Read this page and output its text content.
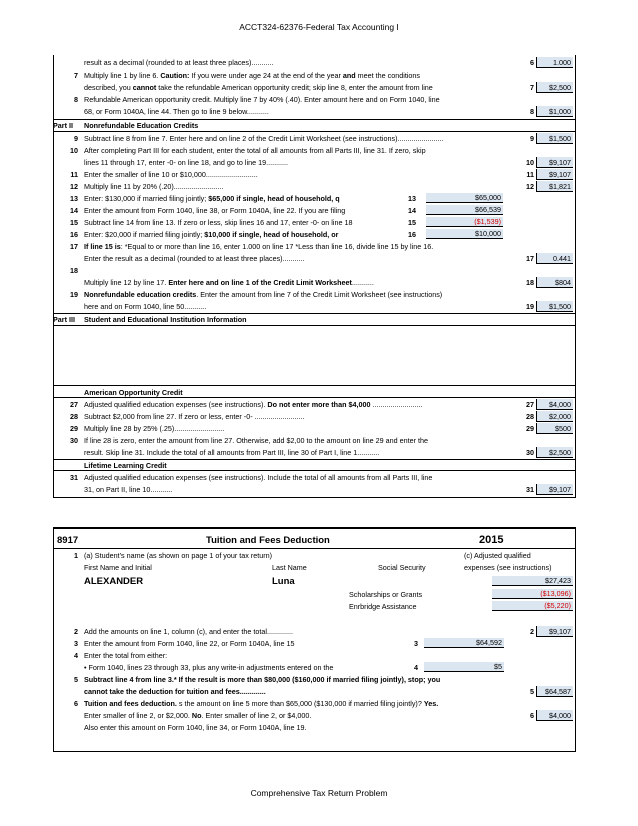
ACCT324-62376-Federal Tax Accounting I
result as a decimal (rounded to at least three places)...........	6	1.000
7 Multiply line 1 by line 6. Caution: If you were under age 24 at the end of the year and meet the conditions
described, you cannot take the refundable American opportunity credit; skip line 8, enter the amount from line	7	$2,500
8 Refundable American opportunity credit. Multiply line 7 by 40% (.40). Enter amount here and on Form 1040, line
68, or Form 1040A, line 44. Then go to line 9 below...........	8	$1,000
Part II Nonrefundable Education Credits
9 Subtract line 8 from line 7. Enter here and on line 2 of the Credit Limit Worksheet (see instructions).......................	9	$1,500
10 After completing Part III for each student, enter the total of all amounts from all Parts III, line 31. If zero, skip
lines 11 through 17, enter -0- on line 18, and go to line 19...........	10	$9,107
11 Enter the smaller of line 10 or $10,000..........................	11	$9,107
12 Multiply line 11 by 20% (.20).........................	12	$1,821
13 Enter: $130,000 if married filing jointly; $65,000 if single, head of household, q	13	$65,000
14 Enter the amount from Form 1040, line 38, or Form 1040A, line 22. If you are filing	14	$66,539
15 Subtract line 14 from line 13. If zero or less, skip lines 16 and 17, enter -0- on line 18	15	($1,539)
16 Enter: $20,000 if married filing jointly; $10,000 if single, head of household, or	16	$10,000
17 If line 15 is: *Equal to or more than line 16, enter 1.000 on line 17 *Less than line 16, divide line 15 by line 16.
Enter the result as a decimal (rounded to at least three places)...........	17	0.441
18
Multiply line 12 by line 17. Enter here and on line 1 of the Credit Limit Worksheet...........	18	$804
19 Nonrefundable education credits. Enter the amount from line 7 of the Credit Limit Worksheet (see instructions)
here and on Form 1040, line 50...........	19	$1,500
Part III Student and Educational Institution Information
American Opportunity Credit
27 Adjusted qualified education expenses (see instructions). Do not enter more than $4,000 .........................	27	$4,000
28 Subtract $2,000 from line 27. If zero or less, enter -0- .........................	28	$2,000
29 Multiply line 28 by 25% (.25).........................	29	$500
30 If line 28 is zero, enter the amount from line 27. Otherwise, add $2,00 to the amount on line 29 and enter the
result. Skip line 31. Include the total of all amounts from Part III, line 30 of Part I, line 1...........	30	$2,500
Lifetime Learning Credit
31 Adjusted qualified education expenses (see instructions). Include the total of all amounts from all Parts III, line
31, on Part II, line 10...........	31	$9,107
8917	Tuition and Fees Deduction	2015
1 (a) Student’s name (as shown on page 1 of your tax return)	(c) Adjusted qualified
First Name and Initial	Last Name	Social Security	expenses (see instructions)
ALEXANDER	Luna	$27,423
Scholarships or Grants	($13,096)
Enrbridge Assistance	($5,220)
2 Add the amounts on line 1, column (c), and enter the total.............	2	$9,107
3 Enter the amount from Form 1040, line 22, or Form 1040A, line 15	3	$64,592
4 Enter the total from either:
• Form 1040, lines 23 through 33, plus any write-in adjustments entered on the	4	$5
5 Subtract line 4 from line 3.* If the result is more than $80,000 ($160,000 if married filing jointly), stop; you
cannot take the deduction for tuition and fees.............	5	$64,587
6 Tuition and fees deduction. s the amount on line 5 more than $65,000 ($130,000 if married filing jointly)? Yes.
Enter smaller of line 2, or $2,000. No. Enter smaller of line 2, or $4,000.	6	$4,000
Also enter this amount on Form 1040, line 34, or Form 1040A, line 19.
Comprehensive Tax Return Problem
